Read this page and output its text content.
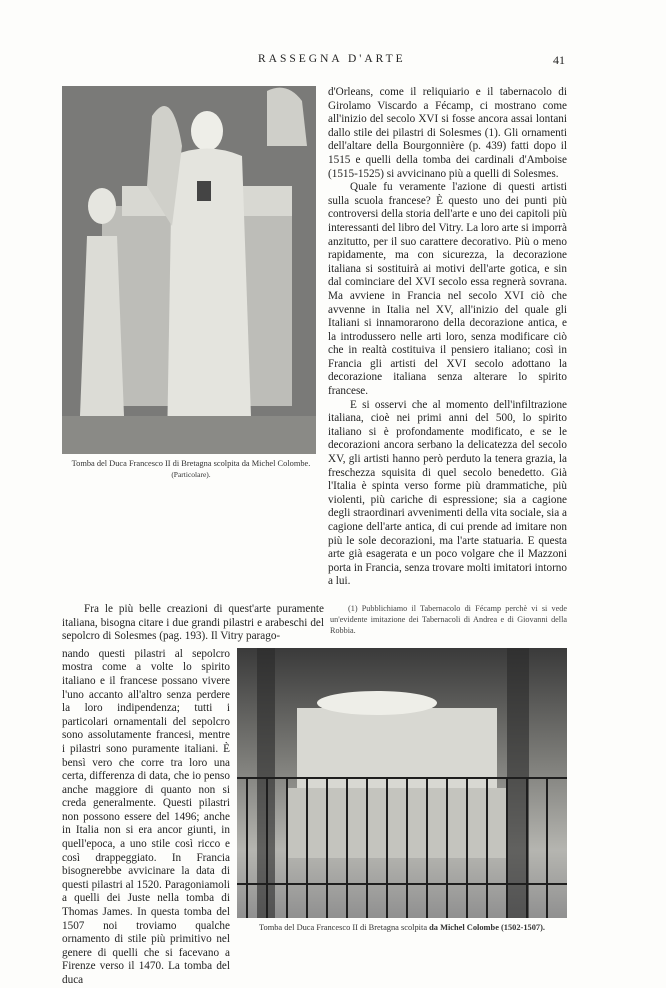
RASSEGNA D'ARTE	41
Tomba del Duca Francesco II di Bretagna scolpita da Michel Colombe.
(Particolare).

d'Orleans, come il reliquiario e il tabernacolo di Girolamo Viscardo a Fécamp, ci mostrano come all'inizio del secolo XVI si fosse ancora assai lontani dallo stile dei pilastri di Solesmes (1). Gli ornamenti dell'altare della Bourgonnière (p. 439) fatti dopo il 1515 e quelli della tomba dei cardinali d'Amboise (1515-1525) si avvicinano più a quelli di Solesmes.

Quale fu veramente l'azione di questi artisti sulla scuola francese? È questo uno dei punti più controversi della storia dell'arte e uno dei capitoli più interessanti del libro del Vitry. La loro arte si imporrà anzitutto, per il suo carattere decorativo. Più o meno rapidamente, ma con sicurezza, la decorazione italiana si sostituirà ai motivi dell'arte gotica, e sin dal cominciare del XVI secolo essa regnerà sovrana. Ma avviene in Francia nel secolo XVI ciò che avvenne in Italia nel XV, all'inizio del quale gli Italiani si innamorarono della decorazione antica, e la introdussero nelle arti loro, senza modificare ciò che in realtà costituiva il pensiero italiano; così in Francia gli artisti del XVI secolo adottano la decorazione italiana senza alterare lo spirito francese.

E si osservi che al momento dell'infiltrazione italiana, cioè nei primi anni del 500, lo spirito italiano si è profondamente modificato, e se le decorazioni ancora serbano la delicatezza del secolo XV, gli artisti hanno però perduto la tenera grazia, la freschezza squisita di quel secolo benedetto. Già l'Italia è spinta verso forme più drammatiche, più violenti, più cariche di espressione; sia a cagione degli straordinari avvenimenti della vita sociale, sia a cagione dell'arte antica, di cui prende ad imitare non più le sole decorazioni, ma l'arte statuaria. E questa arte già esagerata e un poco volgare che il Mazzoni porta in Francia, senza trovare molti imitatori intorno a lui.

Fra le più belle creazioni di quest'arte puramente italiana, bisogna citare i due grandi pilastri e arabeschi del sepolcro di Solesmes (pag. 193). Il Vitry parago-

(1) Pubblichiamo il Tabernacolo di Fécamp perchè vi si vede un'evidente imitazione dei Tabernacoli di Andrea e di Giovanni della Robbia.

nando questi pilastri al sepolcro mostra come a volte lo spirito italiano e il francese possano vivere l'uno accanto all'altro senza perdere la loro indipendenza; tutti i particolari ornamentali del sepolcro sono assolutamente francesi, mentre i pilastri sono puramente italiani. È bensì vero che corre tra loro una certa, differenza di data, che io penso anche maggiore di quanto non si creda generalmente. Questi pilastri non possono essere del 1496; anche in Italia non si era ancor giunti, in quell'epoca, a uno stile così ricco e così drappeggiato. In Francia bisognerebbe avvicinare la data di questi pilastri al 1520. Paragoniamoli a quelli dei Juste nella tomba di Thomas James. In questa tomba del 1507 noi troviamo qualche ornamento di stile più primitivo nel genere di quelli che si facevano a Firenze verso il 1470. La tomba del duca

Tomba del Duca Francesco II di Bretagna scolpita da Michel Colombe (1502-1507).
